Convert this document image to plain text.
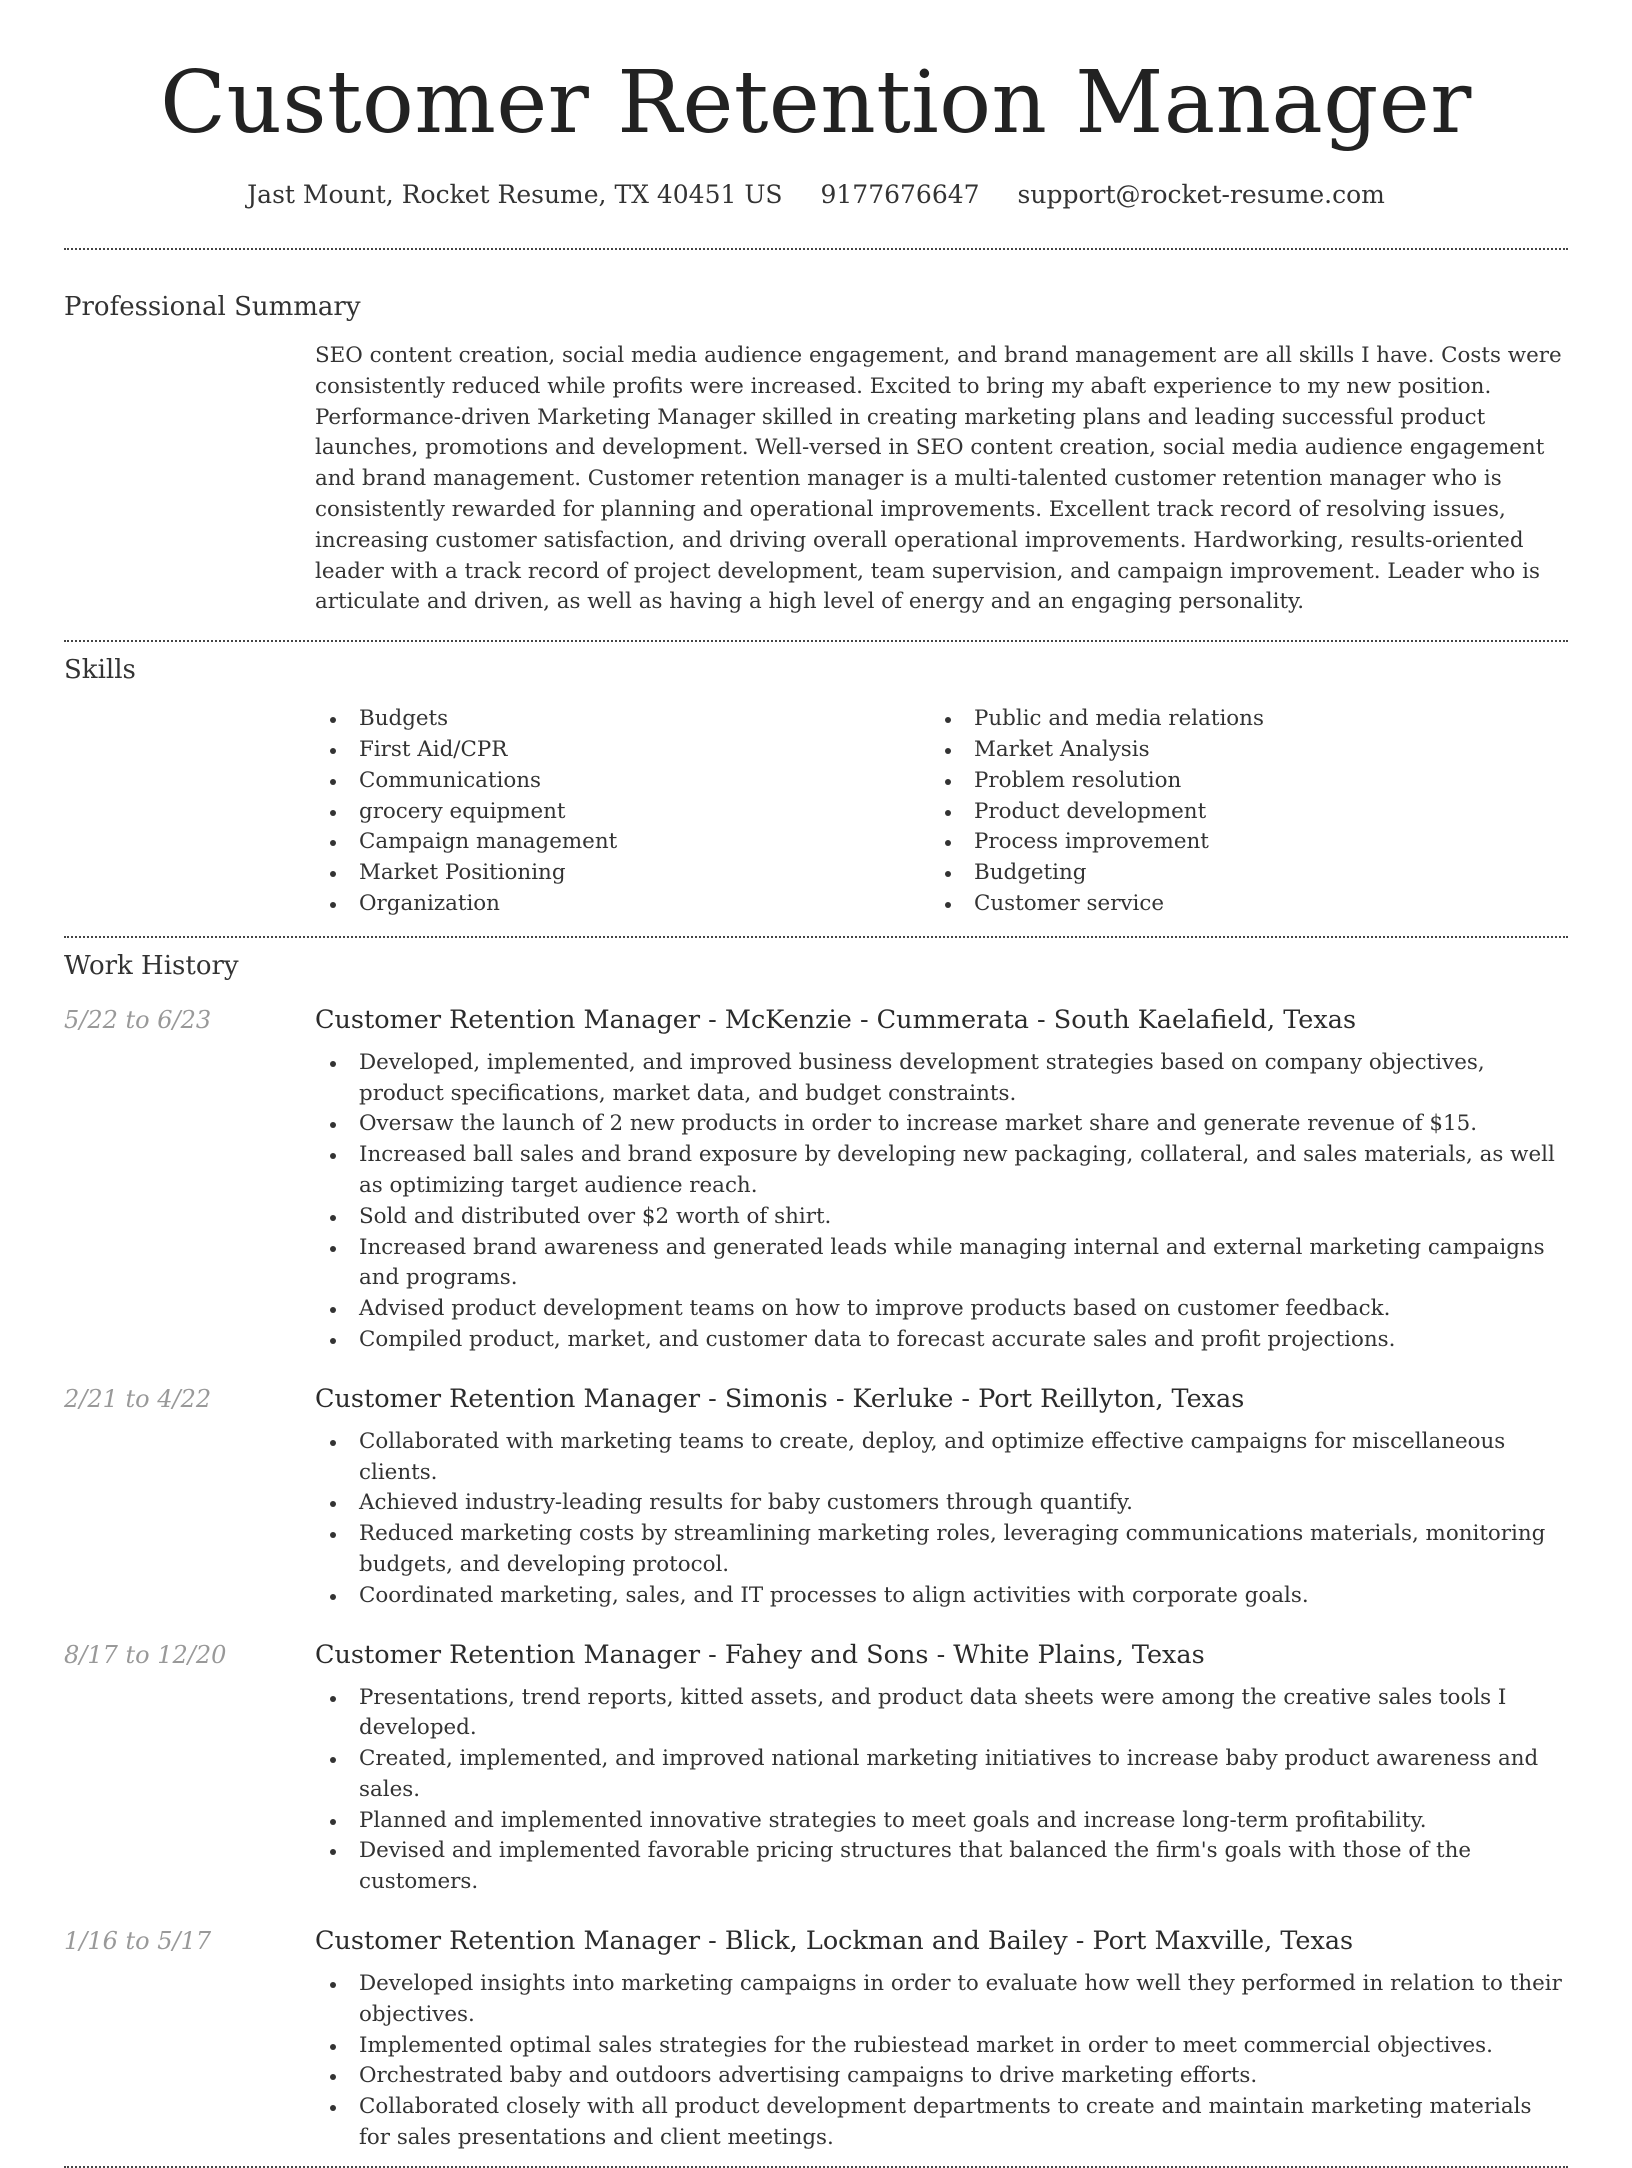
Customer Retention Manager
Jast Mount, Rocket Resume, TX 40451 US 9177676647 support@rocket-resume.com
Professional Summary

SEO content creation, social media audience engagement, and brand management are all skills I have. Costs were consistently reduced while profits were increased. Excited to bring my abaft experience to my new position. Performance-driven Marketing Manager skilled in creating marketing plans and leading successful product launches, promotions and development. Well-versed in SEO content creation, social media audience engagement and brand management. Customer retention manager is a multi-talented customer retention manager who is consistently rewarded for planning and operational improvements. Excellent track record of resolving issues, increasing customer satisfaction, and driving overall operational improvements. Hardworking, results-oriented leader with a track record of project development, team supervision, and campaign improvement. Leader who is articulate and driven, as well as having a high level of energy and an engaging personality.

Skills
Budgets
First Aid/CPR
Communications
grocery equipment
Campaign management
Market Positioning
Organization
Public and media relations
Market Analysis
Problem resolution
Product development
Process improvement
Budgeting
Customer service
Work History
5/22 to 6/23	Customer Retention Manager - McKenzie - Cummerata - South Kaelafield, Texas
Developed, implemented, and improved business development strategies based on company objectives, product specifications, market data, and budget constraints.
Oversaw the launch of 2 new products in order to increase market share and generate revenue of $15.
Increased ball sales and brand exposure by developing new packaging, collateral, and sales materials, as well as optimizing target audience reach.
Sold and distributed over $2 worth of shirt.
Increased brand awareness and generated leads while managing internal and external marketing campaigns and programs.
Advised product development teams on how to improve products based on customer feedback.
Compiled product, market, and customer data to forecast accurate sales and profit projections.
2/21 to 4/22	Customer Retention Manager - Simonis - Kerluke - Port Reillyton, Texas
Collaborated with marketing teams to create, deploy, and optimize effective campaigns for miscellaneous clients.
Achieved industry-leading results for baby customers through quantify.
Reduced marketing costs by streamlining marketing roles, leveraging communications materials, monitoring budgets, and developing protocol.
Coordinated marketing, sales, and IT processes to align activities with corporate goals.
8/17 to 12/20	Customer Retention Manager - Fahey and Sons - White Plains, Texas
Presentations, trend reports, kitted assets, and product data sheets were among the creative sales tools I developed.
Created, implemented, and improved national marketing initiatives to increase baby product awareness and sales.
Planned and implemented innovative strategies to meet goals and increase long-term profitability.
Devised and implemented favorable pricing structures that balanced the firm's goals with those of the customers.
1/16 to 5/17	Customer Retention Manager - Blick, Lockman and Bailey - Port Maxville, Texas
Developed insights into marketing campaigns in order to evaluate how well they performed in relation to their objectives.
Implemented optimal sales strategies for the rubiestead market in order to meet commercial objectives.
Orchestrated baby and outdoors advertising campaigns to drive marketing efforts.
Collaborated closely with all product development departments to create and maintain marketing materials for sales presentations and client meetings.
